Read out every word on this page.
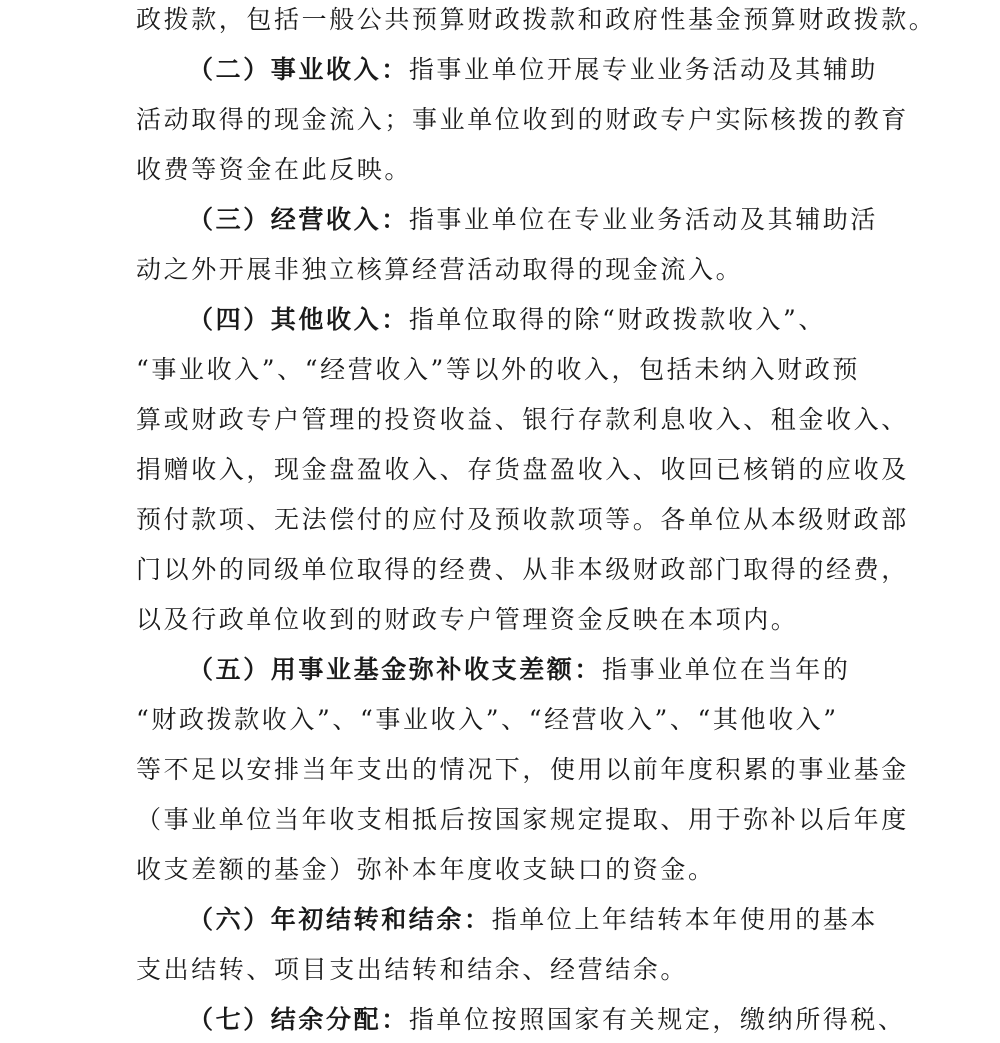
政拨款，包括一般公共预算财政拨款和政府性基金预算财政拨款。
（二）事业收入：指事业单位开展专业业务活动及其辅助
活动取得的现金流入；事业单位收到的财政专户实际核拨的教育
收费等资金在此反映。
（三）经营收入：指事业单位在专业业务活动及其辅助活
动之外开展非独立核算经营活动取得的现金流入。
（四）其他收入：指单位取得的除“财政拨款收入”、
“事业收入”、“经营收入”等以外的收入，包括未纳入财政预
算或财政专户管理的投资收益、银行存款利息收入、租金收入、
捐赠收入，现金盘盈收入、存货盘盈收入、收回已核销的应收及
预付款项、无法偿付的应付及预收款项等。各单位从本级财政部
门以外的同级单位取得的经费、从非本级财政部门取得的经费，
以及行政单位收到的财政专户管理资金反映在本项内。
（五）用事业基金弥补收支差额：指事业单位在当年的
“财政拨款收入”、“事业收入”、“经营收入”、“其他收入”
等不足以安排当年支出的情况下，使用以前年度积累的事业基金
（事业单位当年收支相抵后按国家规定提取、用于弥补以后年度
收支差额的基金）弥补本年度收支缺口的资金。
（六）年初结转和结余：指单位上年结转本年使用的基本
支出结转、项目支出结转和结余、经营结余。
（七）结余分配：指单位按照国家有关规定，缴纳所得税、
